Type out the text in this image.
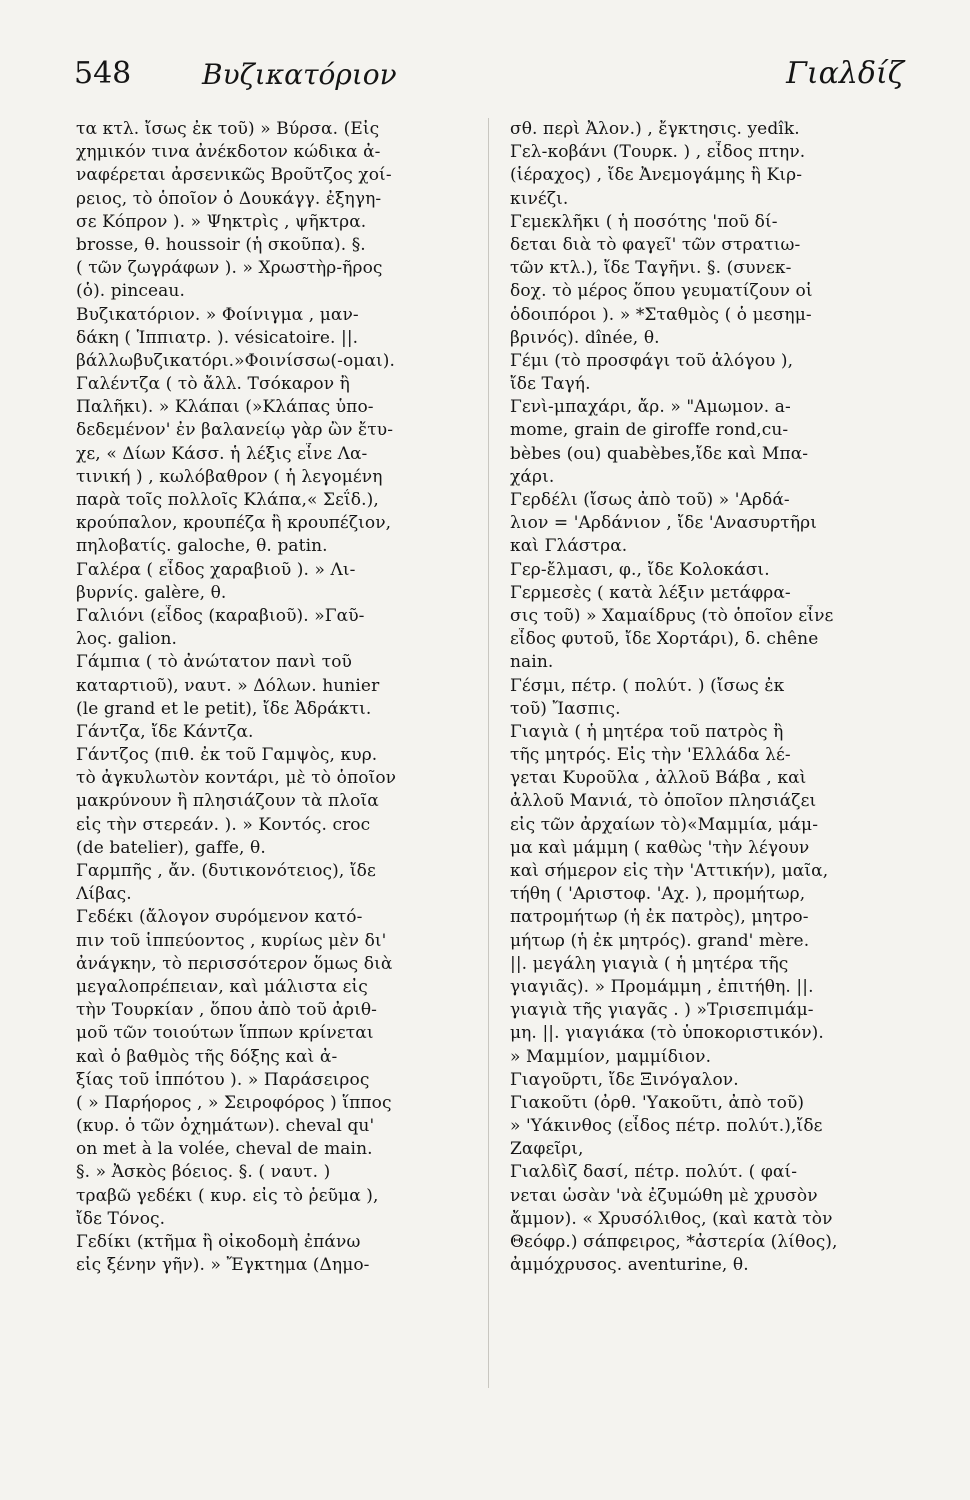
548	Βυζικατόριον	Γιαλδίζ
τα κτλ. ἴσως ἐκ τοῦ) » Βύρσα. (Εἰς
χημικόν τινα ἀνέκδοτον κώδικα ἀ-
ναφέρεται ἀρσενικῶς Βροῦτζος χοί-
ρειος, τὸ ὁποῖον ὁ Δουκάγγ. ἐξηγη-
σε Κόπρον ). » Ψηκτρὶς , ψῆκτρα.
brosse, θ. houssoir (ἡ σκοῦπα). §.
( τῶν ζωγράφων ). » Χρωστὴρ-ῆρος
(ὁ). pinceau.
Βυζικατόριον. » Φοίνιγμα , μαν-
δάκη ( Ἱππιατρ. ). vésicatoire. ||.
βάλλωβυζικατόρι.»Φοινίσσω(-ομαι).
Γαλέντζα ( τὸ ἄλλ. Τσόκαρον ἢ
Παλῆκι). » Κλάπαι (»Κλάπας ὑπο-
δεδεμένον' ἐν βαλανείῳ γὰρ ὢν ἔτυ-
χε, « Δίων Κάσσ. ἡ λέξις εἶνε Λα-
τινική ) , κωλόβαθρον ( ἡ λεγομένη
παρὰ τοῖς πολλοῖς Κλάπα,« Σεΐδ.),
κρούπαλον, κρουπέζα ἢ κρουπέζιον,
πηλοβατίς. galoche, θ. patin.
Γαλέρα ( εἶδος χαραβιοῦ ). » Λι-
βυρνίς. galère, θ.
Γαλιόνι (εἶδος (καραβιοῦ). »Γαῦ-
λος. galion.
Γάμπια ( τὸ ἀνώτατον πανὶ τοῦ
καταρτιοῦ), ναυτ. » Δόλων. hunier
(le grand et le petit), ἴδε Ἀδράκτι.
Γάντζα, ἴδε Κάντζα.
Γάντζος (πιθ. ἐκ τοῦ Γαμψὸς, κυρ.
τὸ ἀγκυλωτὸν κοντάρι, μὲ τὸ ὁποῖον
μακρύνουν ἢ πλησιάζουν τὰ πλοῖα
εἰς τὴν στερεάν. ). » Κοντός. croc
(de batelier), gaffe, θ.
Γαρμπῆς , ἄν. (δυτικονότειος), ἴδε
Λίβας.
Γεδέκι (ἄλογον συρόμενον κατό-
πιν τοῦ ἱππεύοντος , κυρίως μὲν δι'
ἀνάγκην, τὸ περισσότερον ὅμως διὰ
μεγαλοπρέπειαν, καὶ μάλιστα εἰς
τὴν Τουρκίαν , ὅπου ἀπὸ τοῦ ἀριθ-
μοῦ τῶν τοιούτων ἵππων κρίνεται
καὶ ὁ βαθμὸς τῆς δόξης καὶ ἀ-
ξίας τοῦ ἱππότου ). » Παράσειρος
( » Παρήορος , » Σειροφόρος ) ἵππος
(κυρ. ὁ τῶν ὀχημάτων). cheval qu'
on met à la volée, cheval de main.
§. » Ἀσκὸς βόειος. §. ( ναυτ. )
τραβῶ γεδέκι ( κυρ. εἰς τὸ ῥεῦμα ),
ἴδε Τόνος.
Γεδίκι (κτῆμα ἢ οἰκοδομὴ ἐπάνω
εἰς ξένην γῆν). » Ἔγκτημα (Δημο-
σθ. περὶ Ἀλον.) , ἔγκτησις. yedîk.
Γελ-κοβάνι (Τουρκ. ) , εἶδος πτην.
(ἱέραχος) , ἴδε Ἀνεμογάμης ἢ Κιρ-
κινέζι.
Γεμεκλῆκι ( ἡ ποσότης 'ποῦ δί-
δεται διὰ τὸ φαγεῖ' τῶν στρατιω-
τῶν κτλ.), ἴδε Ταγῆνι. §. (συνεκ-
δοχ. τὸ μέρος ὅπου γευματίζουν οἱ
ὁδοιπόροι ). » *Σταθμὸς ( ὁ μεσημ-
βρινός). dînée, θ.
Γέμι (τὸ προσφάγι τοῦ ἀλόγου ),
ἴδε Ταγή.
Γενὶ-μπαχάρι, ἄρ. » "Αμωμον. a-
mome, grain de giroffe rond,cu-
bèbes (ou) quabèbes,ἴδε καὶ Μπα-
χάρι.
Γερδέλι (ἴσως ἀπὸ τοῦ) » 'Αρδά-
λιον = 'Αρδάνιον , ἴδε 'Ανασυρτῆρι
καὶ Γλάστρα.
Γερ-ἔλμασι, φ., ἴδε Κολοκάσι.
Γερμεσὲς ( κατὰ λέξιν μετάφρα-
σις τοῦ) » Χαμαίδρυς (τὸ ὁποῖον εἶνε
εἶδος φυτοῦ, ἴδε Χορτάρι), δ. chêne
nain.
Γέσμι, πέτρ. ( πολύτ. ) (ἴσως ἐκ
τοῦ) Ἴασπις.
Γιαγιὰ ( ἡ μητέρα τοῦ πατρὸς ἢ
τῆς μητρός. Εἰς τὴν 'Ελλάδα λέ-
γεται Κυροῦλα , ἀλλοῦ Βάβα , καὶ
ἀλλοῦ Μανιά, τὸ ὁποῖον πλησιάζει
εἰς τῶν ἀρχαίων τὸ)«Μαμμία, μάμ-
μα καὶ μάμμη ( καθὼς 'τὴν λέγουν
καὶ σήμερον εἰς τὴν 'Αττικήν), μαῖα,
τήθη ( 'Αριστοφ. 'Αχ. ), προμήτωρ,
πατρομήτωρ (ἡ ἐκ πατρὸς), μητρο-
μήτωρ (ἡ ἐκ μητρός). grand' mère.
||. μεγάλη γιαγιὰ ( ἡ μητέρα τῆς
γιαγιᾶς). » Προμάμμη , ἐπιτήθη. ||.
γιαγιὰ τῆς γιαγᾶς . ) »Τρισεπιμάμ-
μη. ||. γιαγιάκα (τὸ ὑποκοριστικόν).
» Μαμμίον, μαμμίδιον.
Γιαγοῦρτι, ἴδε Ξινόγαλον.
Γιακοῦτι (ὀρθ. 'Υακοῦτι, ἀπὸ τοῦ)
» 'Υάκινθος (εἶδος πέτρ. πολύτ.),ἴδε
Ζαφεῖρι,
Γιαλδὶζ δασί, πέτρ. πολύτ. ( φαί-
νεται ὡσὰν 'νὰ ἐζυμώθη μὲ χρυσὸν
ἄμμον). « Χρυσόλιθος, (καὶ κατὰ τὸν
Θεόφρ.) σάπφειρος, *ἀστερία (λίθος),
ἀμμόχρυσος. aventurine, θ.
